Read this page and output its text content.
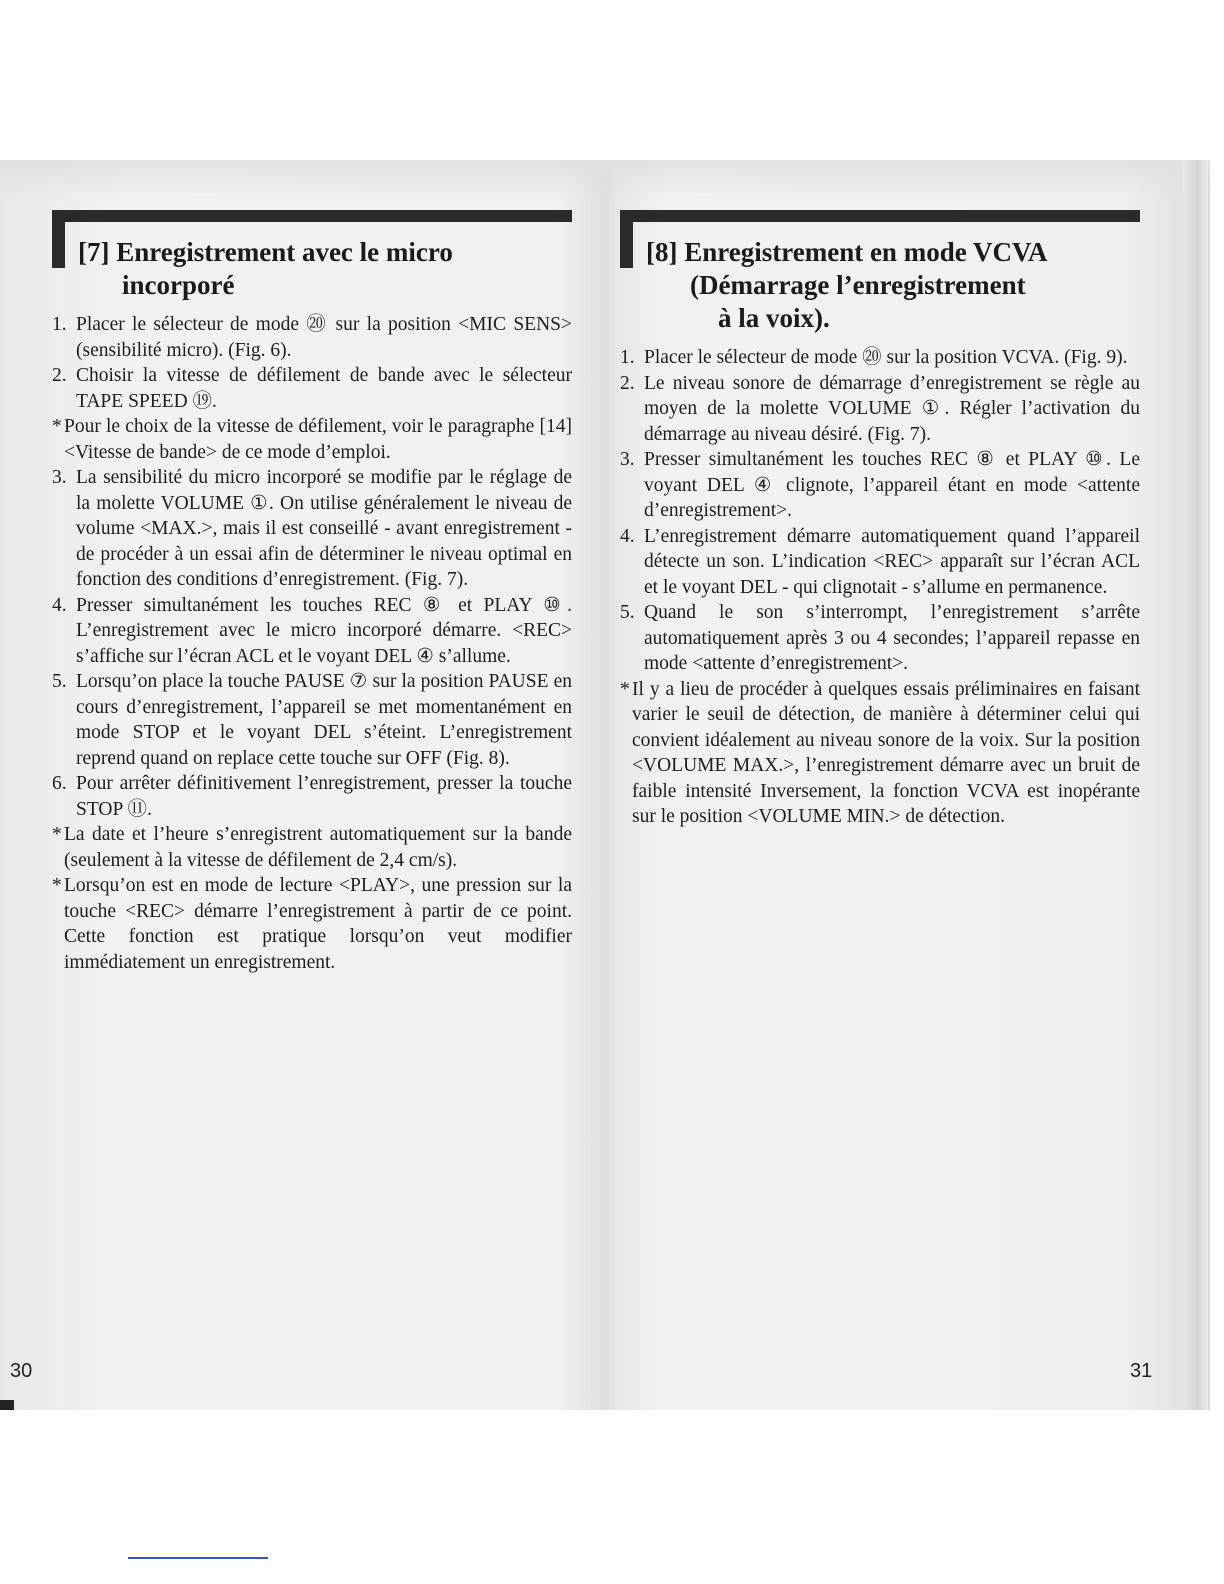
[7] Enregistrement avec le micro
incorporé
1. Placer le sélecteur de mode ⑳ sur la position <MIC SENS> (sensibilité micro). (Fig. 6).
2. Choisir la vitesse de défilement de bande avec le sélecteur TAPE SPEED ⑲.
* Pour le choix de la vitesse de défilement, voir le paragraphe [14] <Vitesse de bande> de ce mode d’emploi.
3. La sensibilité du micro incorporé se modifie par le réglage de la molette VOLUME ①. On utilise généralement le niveau de volume <MAX.>, mais il est conseillé - avant enregistrement - de procéder à un essai afin de déterminer le niveau optimal en fonction des conditions d’enregistrement. (Fig. 7).
4. Presser simultanément les touches REC ⑧ et PLAY ⑩. L’enregistrement avec le micro incorporé démarre. <REC> s’affiche sur l’écran ACL et le voyant DEL ④ s’allume.
5. Lorsqu’on place la touche PAUSE ⑦ sur la position PAUSE en cours d’enregistrement, l’appareil se met momentanément en mode STOP et le voyant DEL s’éteint. L’enregistrement reprend quand on replace cette touche sur OFF (Fig. 8).
6. Pour arrêter définitivement l’enregistrement, presser la touche STOP ⑪.
* La date et l’heure s’enregistrent automatiquement sur la bande (seulement à la vitesse de défilement de 2,4 cm/s).
* Lorsqu’on est en mode de lecture <PLAY>, une pression sur la touche <REC> démarre l’enregistrement à partir de ce point. Cette fonction est pratique lorsqu’on veut modifier immédiatement un enregistrement.
[8] Enregistrement en mode VCVA
(Démarrage l’enregistrement
à la voix).
1. Placer le sélecteur de mode ⑳ sur la position VCVA. (Fig. 9).
2. Le niveau sonore de démarrage d’enregistrement se règle au moyen de la molette VOLUME ①. Régler l’activation du démarrage au niveau désiré. (Fig. 7).
3. Presser simultanément les touches REC ⑧ et PLAY ⑩. Le voyant DEL ④ clignote, l’appareil étant en mode <attente d’enregistrement>.
4. L’enregistrement démarre automatiquement quand l’appareil détecte un son. L’indication <REC> apparaît sur l’écran ACL et le voyant DEL - qui clignotait - s’allume en permanence.
5. Quand le son s’interrompt, l’enregistrement s’arrête automatiquement après 3 ou 4 secondes; l’appareil repasse en mode <attente d’enregistrement>.
* Il y a lieu de procéder à quelques essais préliminaires en faisant varier le seuil de détection, de manière à déterminer celui qui convient idéalement au niveau sonore de la voix. Sur la position <VOLUME MAX.>, l’enregistrement démarre avec un bruit de faible intensité Inversement, la fonction VCVA est inopérante sur le position <VOLUME MIN.> de détection.
30	31
